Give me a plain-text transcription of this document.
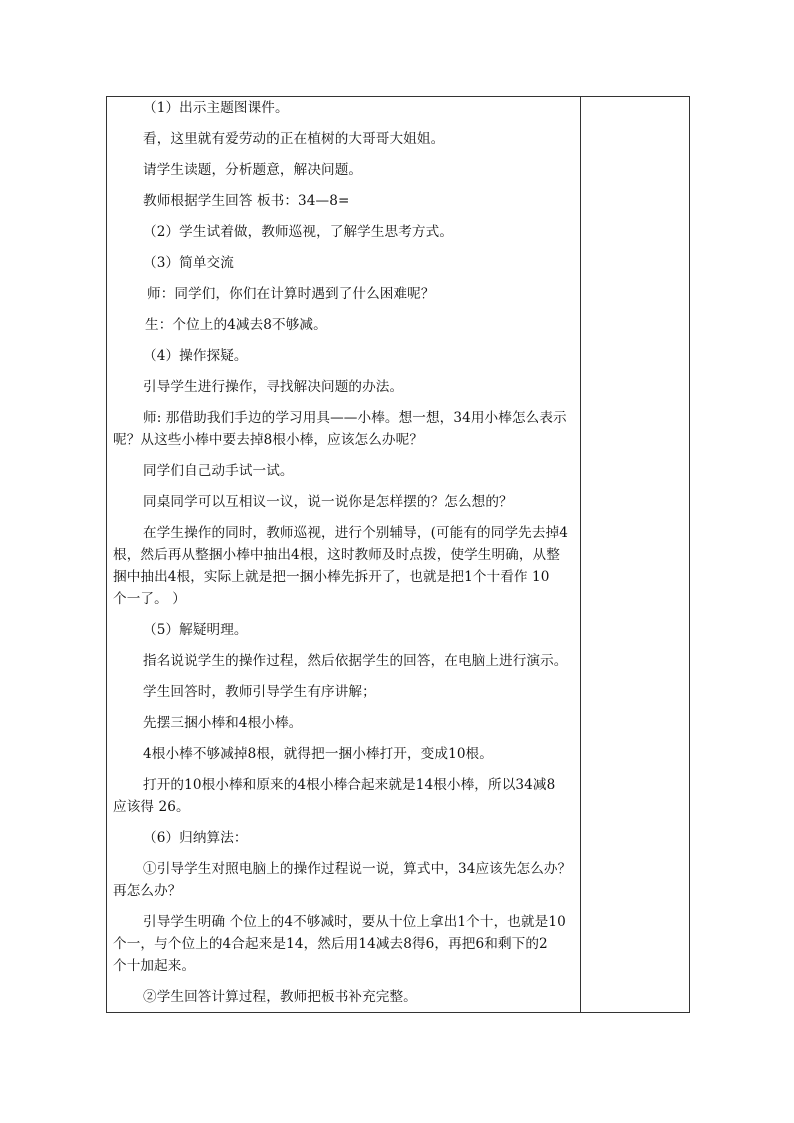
（1）出示主题图课件。
看，这里就有爱劳动的正在植树的大哥哥大姐姐。
请学生读题，分析题意，解决问题。
教师根据学生回答 板书：34—8=
（2）学生试着做，教师巡视，了解学生思考方式。
（3）简单交流
师：同学们，你们在计算时遇到了什么困难呢？
生：个位上的4减去8不够减。
（4）操作探疑。
引导学生进行操作，寻找解决问题的办法。
师: 那借助我们手边的学习用具——小棒。想一想，34用小棒怎么表示
呢？从这些小棒中要去掉8根小棒，应该怎么办呢？
同学们自己动手试一试。
同桌同学可以互相议一议，说一说你是怎样摆的？怎么想的？
在学生操作的同时，教师巡视，进行个别辅导，(可能有的同学先去掉4
根，然后再从整捆小棒中抽出4根，这时教师及时点拨，使学生明确，从整
捆中抽出4根，实际上就是把一捆小棒先拆开了，也就是把1个十看作 10
个一了。 ）
（5）解疑明理。
指名说说学生的操作过程，然后依据学生的回答，在电脑上进行演示。
学生回答时，教师引导学生有序讲解；
先摆三捆小棒和4根小棒。
4根小棒不够减掉8根，就得把一捆小棒打开，变成10根。
打开的10根小棒和原来的4根小棒合起来就是14根小棒，所以34减8
应该得 26。
（6）归纳算法：
①引导学生对照电脑上的操作过程说一说，算式中，34应该先怎么办？
再怎么办？
引导学生明确 个位上的4不够减时，要从十位上拿出1个十，也就是10
个一，与个位上的4合起来是14，然后用14减去8得6，再把6和剩下的2
个十加起来。
②学生回答计算过程，教师把板书补充完整。
